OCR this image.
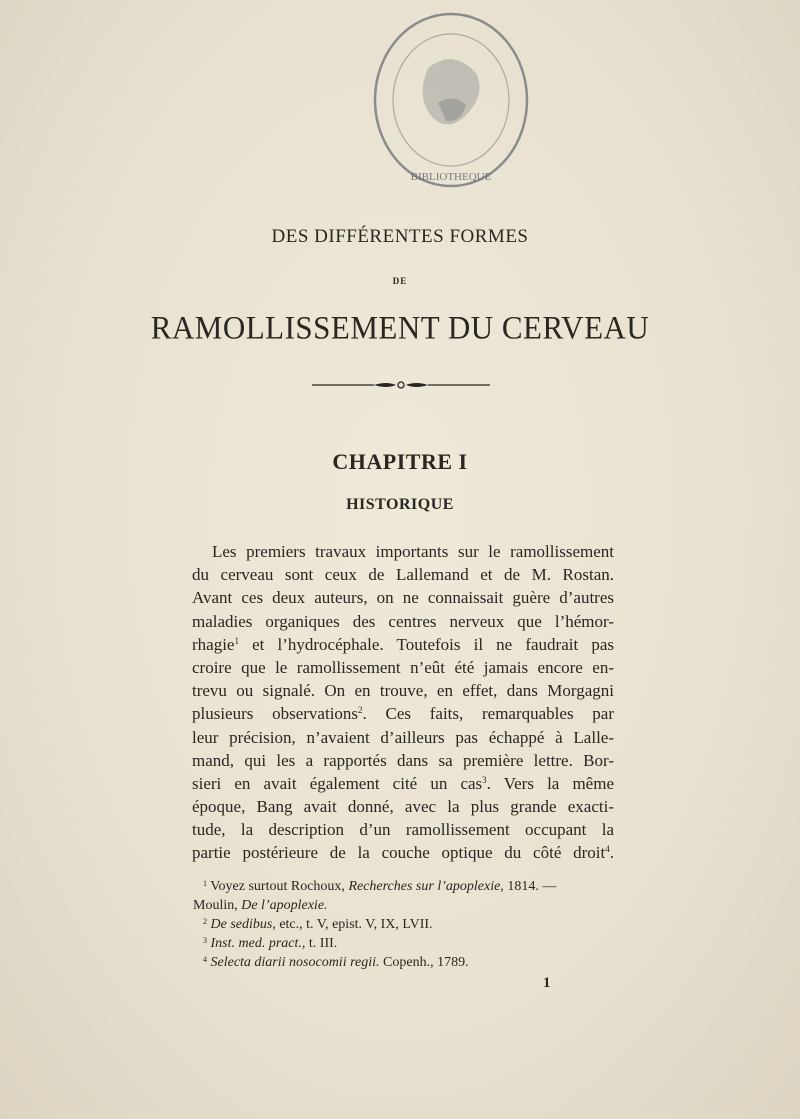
BIBLIOTHEQUE
DES DIFFÉRENTES FORMES
DE
RAMOLLISSEMENT DU CERVEAU
CHAPITRE I
HISTORIQUE
Les premiers travaux importants sur le ramollissement
du cerveau sont ceux de Lallemand et de M. Rostan.
Avant ces deux auteurs, on ne connaissait guère d’autres
maladies organiques des centres nerveux que l’hémor-
rhagie$^1$ et l’hydrocéphale. Toutefois il ne faudrait pas
croire que le ramollissement n’eût été jamais encore en-
trevu ou signalé. On en trouve, en effet, dans Morgagni
plusieurs observations$^2$. Ces faits, remarquables par
leur précision, n’avaient d’ailleurs pas échappé à Lalle-
mand, qui les a rapportés dans sa première lettre. Bor-
sieri en avait également cité un cas$^3$. Vers la même
époque, Bang avait donné, avec la plus grande exacti-
tude, la description d’un ramollissement occupant la
partie postérieure de la couche optique du côté droit$^4$.
$^1$ Voyez surtout Rochoux, Recherches sur l’apoplexie, 1814. —
Moulin, De l’apoplexie.
$^2$ De sedibus, etc., t. V, epist. V, IX, LVII.
$^3$ Inst. med. pract., t. III.
$^4$ Selecta diarii nosocomii regii. Copenh., 1789.
1
